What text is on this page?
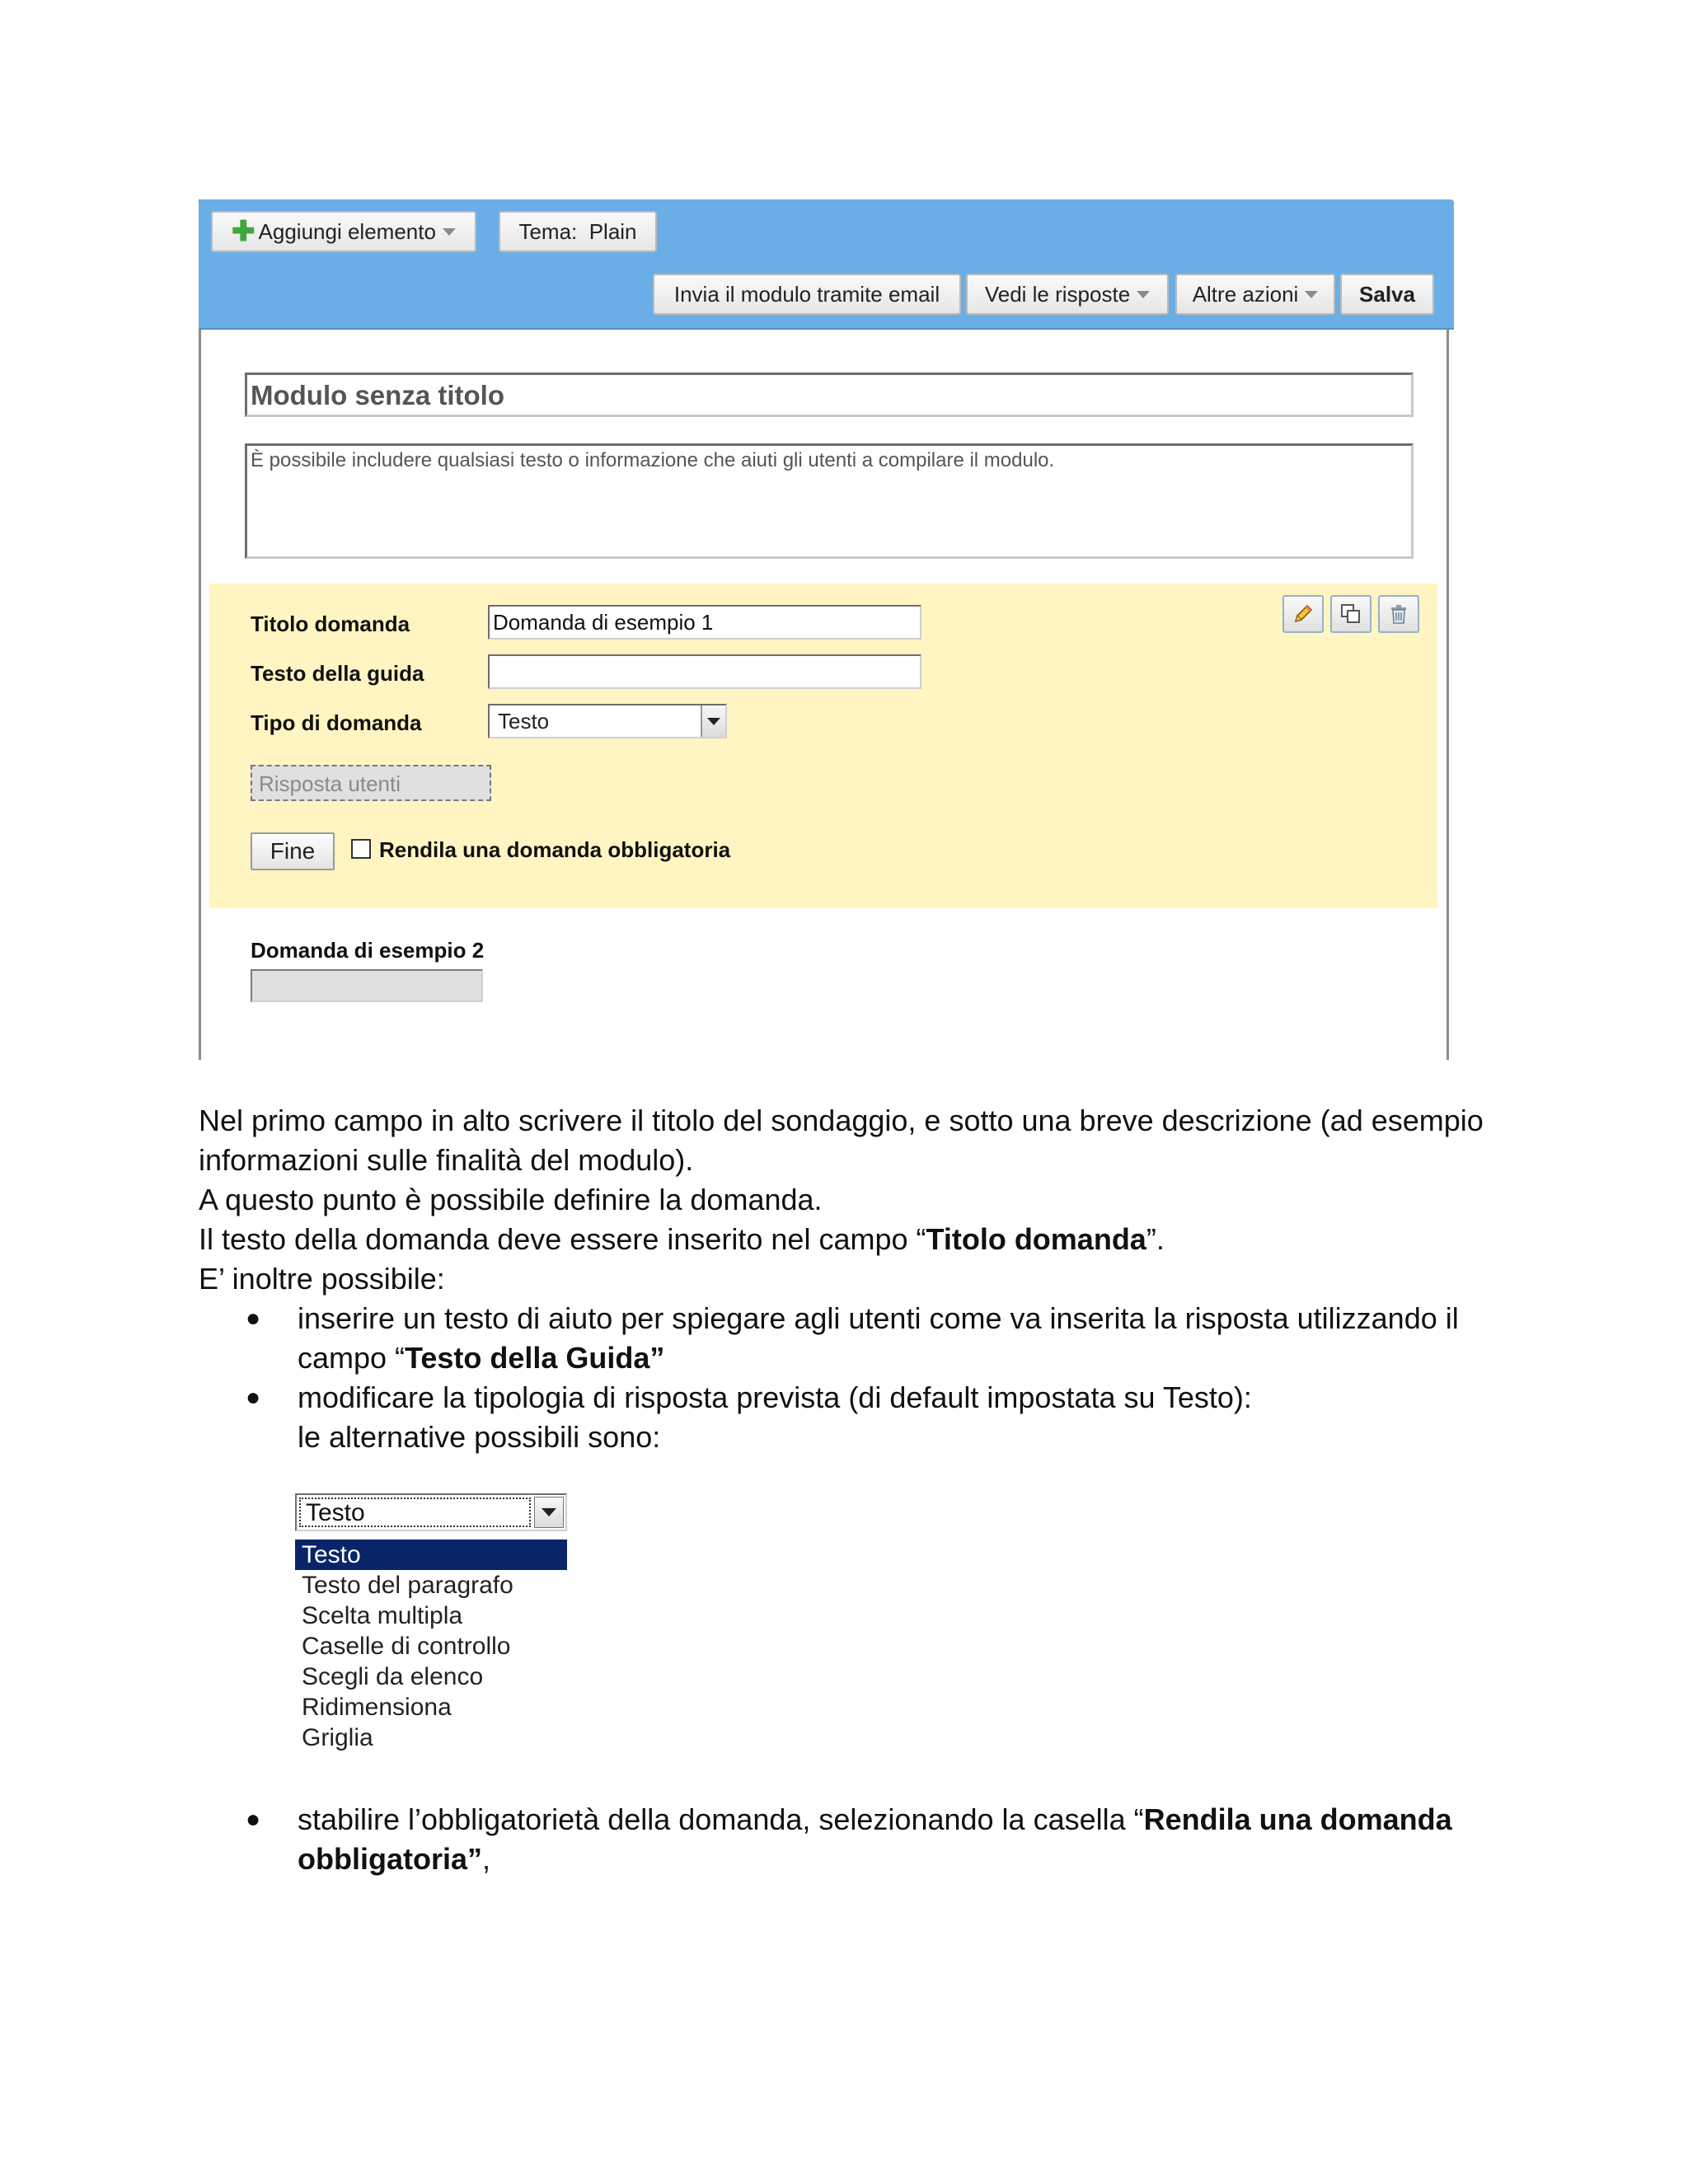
✚ Aggiungi elemento	Tema:  Plain
Invia il modulo tramite email Vedi le risposte	Altre azioni	Salva
Modulo senza titolo
È possibile includere qualsiasi testo o informazione che aiuti gli utenti a compilare il modulo.
Titolo domanda	Domanda di esempio 1
Testo della guida
Tipo di domanda	Testo
Risposta utenti
Fine	Rendila una domanda obbligatoria
Domanda di esempio 2
Nel primo campo in alto scrivere il titolo del sondaggio, e sotto una breve descrizione (ad esempio informazioni sulle finalità del modulo).
A questo punto è possibile definire la domanda.
Il testo della domanda deve essere inserito nel campo “Titolo domanda”.
E’ inoltre possibile:
● inserire un testo di aiuto per spiegare agli utenti come va inserita la risposta utilizzando il campo “Testo della Guida”
● modificare la tipologia di risposta prevista (di default impostata su Testo):
le alternative possibili sono:
Testo
Testo
Testo del paragrafo
Scelta multipla
Caselle di controllo
Scegli da elenco
Ridimensiona
Griglia
● stabilire l’obbligatorietà della domanda, selezionando la casella “Rendila una domanda obbligatoria”,
